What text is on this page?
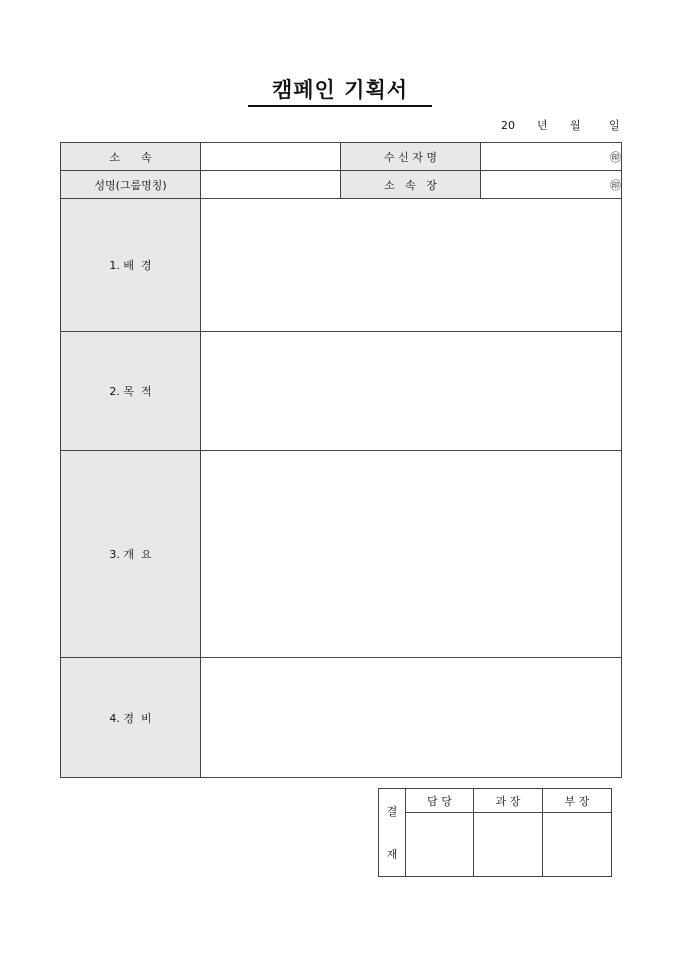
캠페인 기획서
20 년 월	일
소      속		수 신 자 명	㊞
성명(그룹명칭)		소   속   장	㊞
1. 배  경			
2. 목  적			
3. 개  요			
4. 경  비			
결
재	담 당	과 장	부 장
